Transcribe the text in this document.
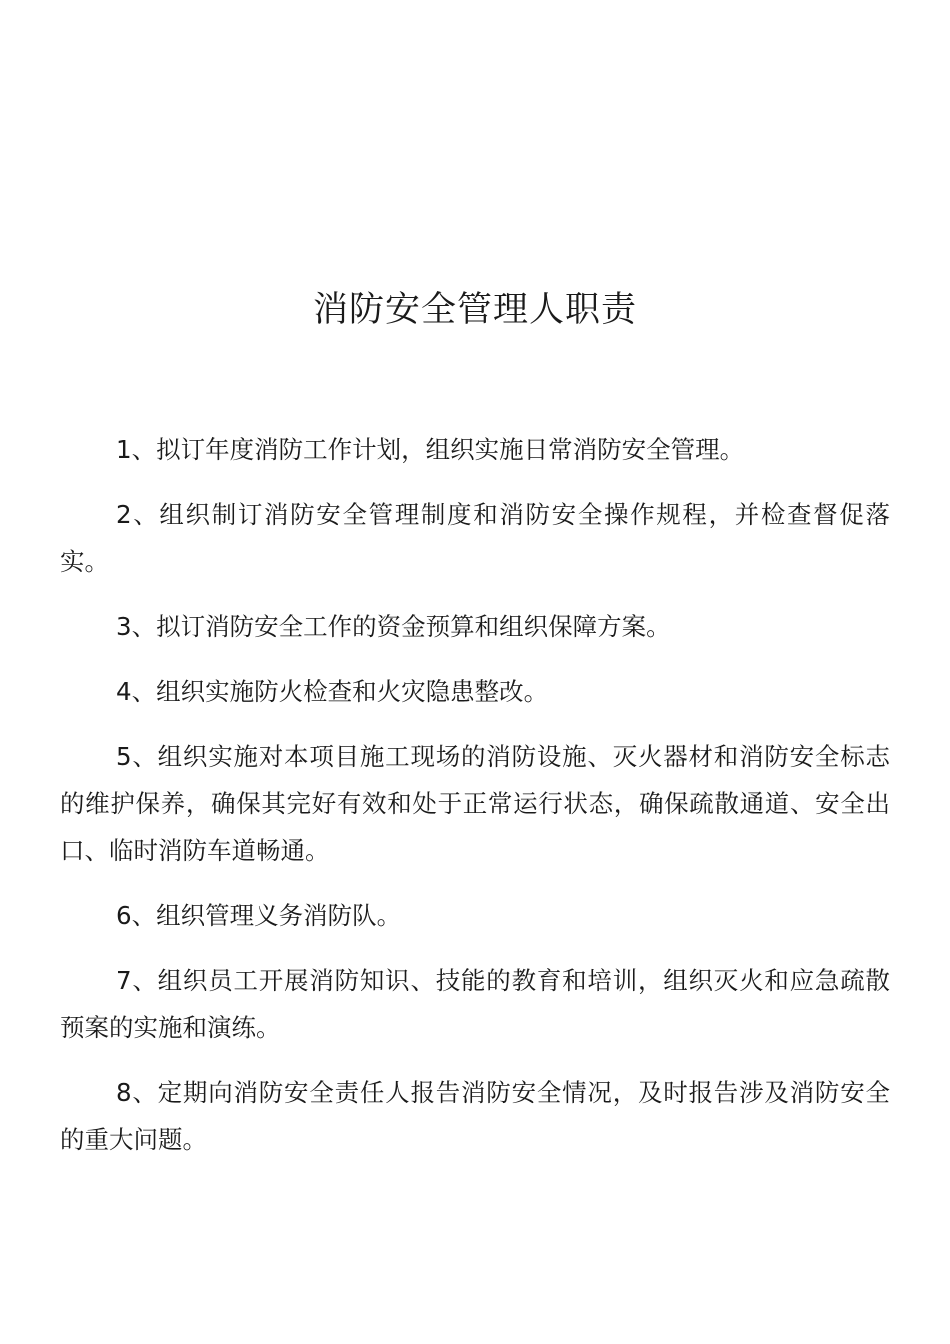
消防安全管理人职责
1、拟订年度消防工作计划，组织实施日常消防安全管理。
2、组织制订消防安全管理制度和消防安全操作规程，并检查督促落实。
3、拟订消防安全工作的资金预算和组织保障方案。
4、组织实施防火检查和火灾隐患整改。
5、组织实施对本项目施工现场的消防设施、灭火器材和消防安全标志的维护保养，确保其完好有效和处于正常运行状态，确保疏散通道、安全出口、临时消防车道畅通。
6、组织管理义务消防队。
7、组织员工开展消防知识、技能的教育和培训，组织灭火和应急疏散预案的实施和演练。
8、定期向消防安全责任人报告消防安全情况，及时报告涉及消防安全的重大问题。
